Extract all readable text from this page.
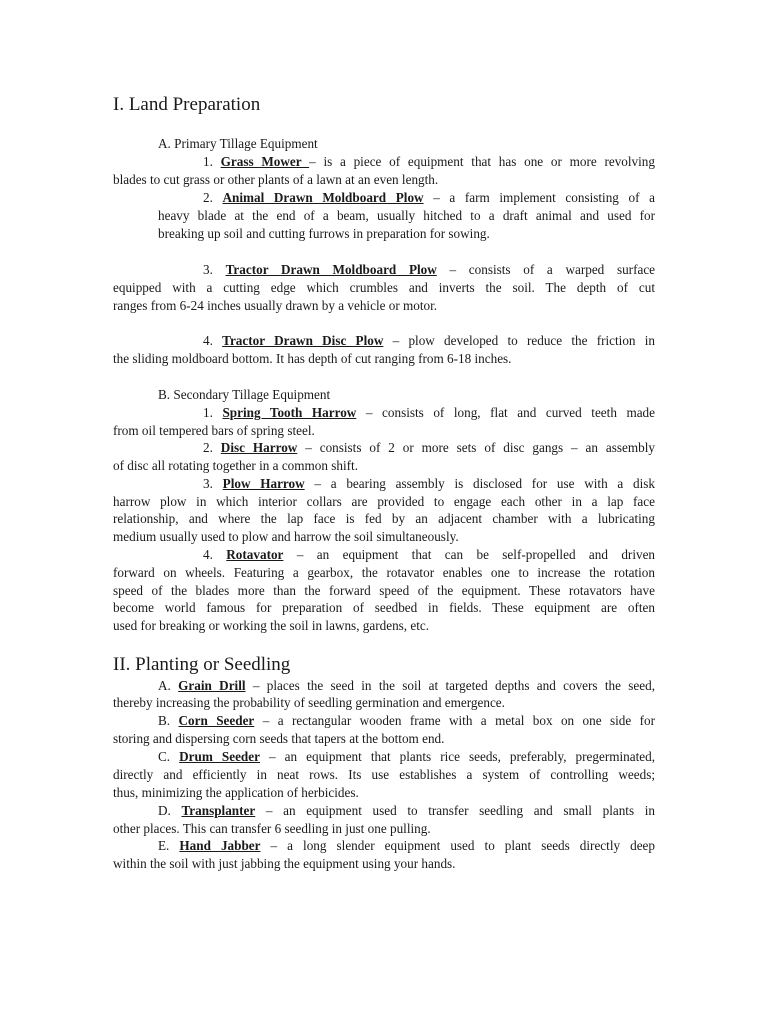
I. Land Preparation
A. Primary Tillage Equipment
1. Grass Mower – is a piece of equipment that has one or more revolving
blades to cut grass or other plants of a lawn at an even length.
2. Animal Drawn Moldboard Plow – a farm implement consisting of a
heavy blade at the end of a beam, usually hitched to a draft animal and used for
breaking up soil and cutting furrows in preparation for sowing.
3. Tractor Drawn Moldboard Plow – consists of a warped surface
equipped with a cutting edge which crumbles and inverts the soil. The depth of cut
ranges from 6-24 inches usually drawn by a vehicle or motor.
4. Tractor Drawn Disc Plow – plow developed to reduce the friction in
the sliding moldboard bottom. It has depth of cut ranging from 6-18 inches.
B. Secondary Tillage Equipment
1. Spring Tooth Harrow – consists of long, flat and curved teeth made
from oil tempered bars of spring steel.
2. Disc Harrow – consists of 2 or more sets of disc gangs – an assembly
of disc all rotating together in a common shift.
3. Plow Harrow – a bearing assembly is disclosed for use with a disk
harrow plow in which interior collars are provided to engage each other in a lap face
relationship, and where the lap face is fed by an adjacent chamber with a lubricating
medium usually used to plow and harrow the soil simultaneously.
4. Rotavator – an equipment that can be self-propelled and driven
forward on wheels. Featuring a gearbox, the rotavator enables one to increase the rotation
speed of the blades more than the forward speed of the equipment. These rotavators have
become world famous for preparation of seedbed in fields. These equipment are often
used for breaking or working the soil in lawns, gardens, etc.
II. Planting or Seedling
A. Grain Drill – places the seed in the soil at targeted depths and covers the seed,
thereby increasing the probability of seedling germination and emergence.
B. Corn Seeder – a rectangular wooden frame with a metal box on one side for
storing and dispersing corn seeds that tapers at the bottom end.
C. Drum Seeder – an equipment that plants rice seeds, preferably, pregerminated,
directly and efficiently in neat rows. Its use establishes a system of controlling weeds;
thus, minimizing the application of herbicides.
D. Transplanter – an equipment used to transfer seedling and small plants in
other places. This can transfer 6 seedling in just one pulling.
E. Hand Jabber – a long slender equipment used to plant seeds directly deep
within the soil with just jabbing the equipment using your hands.
